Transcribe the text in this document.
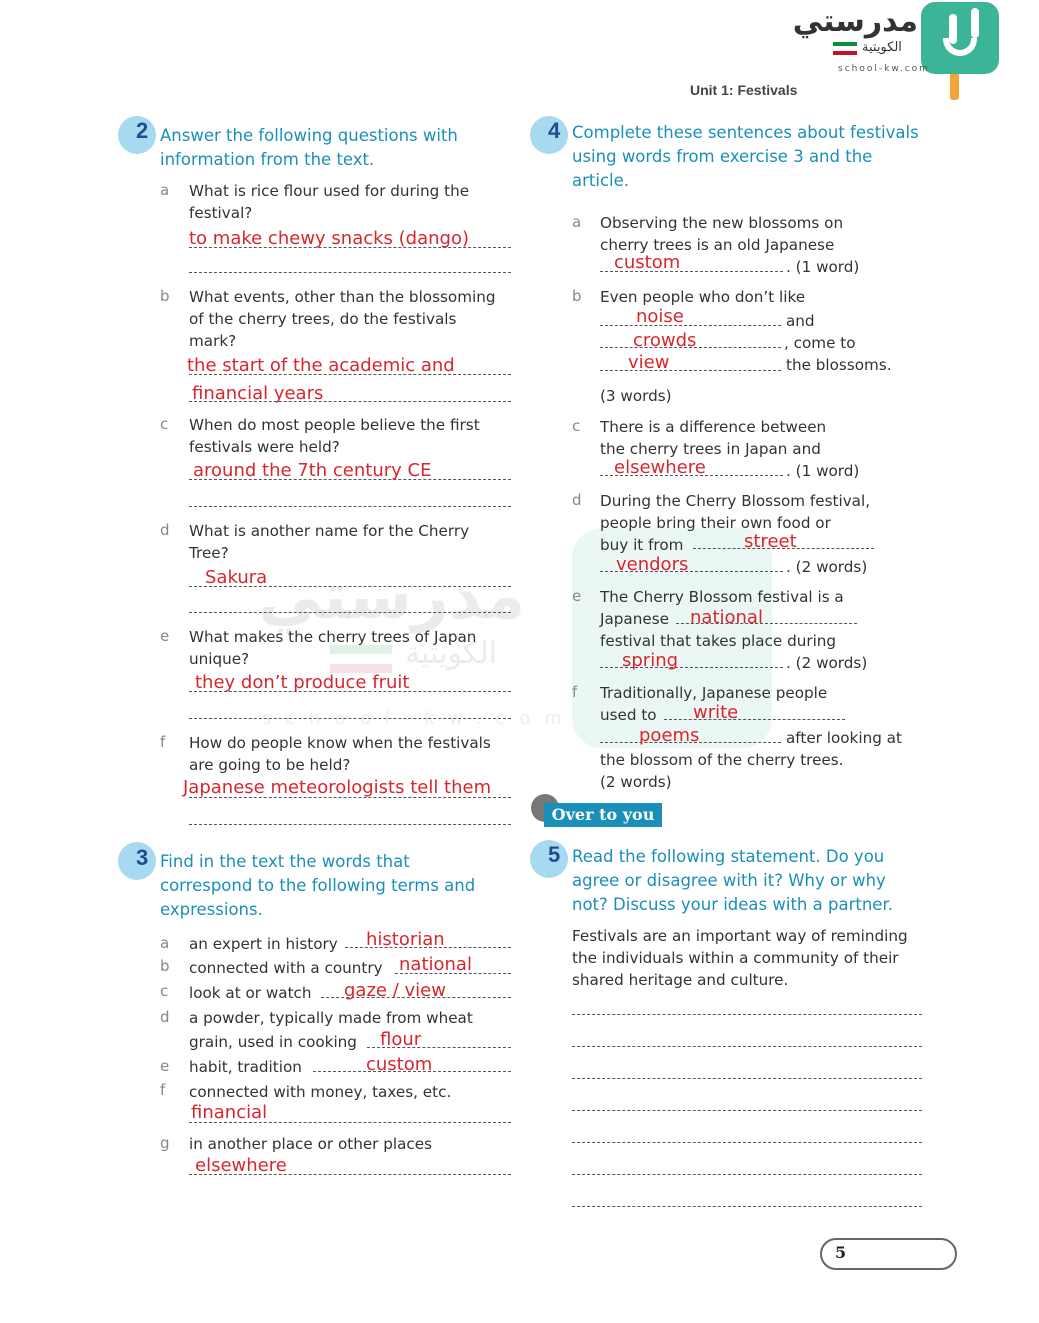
مدرستي
الكويتية
school-kw.com
مدرستي
الكويتية
school-kw.com
Unit 1: Festivals
2 Answer the following questions with
information from the text.
a What is rice flour used for during the
festival?
to make chewy snacks (dango)
b What events, other than the blossoming
of the cherry trees, do the festivals
mark?
the start of the academic and
financial years
c When do most people believe the first
festivals were held?
around the 7th century CE
d What is another name for the Cherry
Tree?
Sakura
e What makes the cherry trees of Japan
unique?
they don’t produce fruit
f How do people know when the festivals
are going to be held?
Japanese meteorologists tell them
3 Find in the text the words that
correspond to the following terms and
expressions.
a an expert in history historian
b connected with a country national
c look at or watch gaze / view
d a powder, typically made from wheat
grain, used in cooking flour
e habit, tradition	custom
f connected with money, taxes, etc.
financial
g in another place or other places
elsewhere
4 Complete these sentences about festivals
using words from exercise 3 and the
article.
a Observing the new blossoms on
cherry trees is an old Japanese
custom	. (1 word)
b Even people who don’t like
noise	and
crowds	, come to
view	the blossoms.
(3 words)
c There is a difference between
the cherry trees in Japan and
elsewhere	. (1 word)
d During the Cherry Blossom festival,
people bring their own food or
buy it from	street
vendors	. (2 words)
e The Cherry Blossom festival is a
Japanese national
festival that takes place during
spring	. (2 words)
f Traditionally, Japanese people
used to write
poems	after looking at
the blossom of the cherry trees.
(2 words)
Over to you
5 Read the following statement. Do you
agree or disagree with it? Why or why
not? Discuss your ideas with a partner.
Festivals are an important way of reminding
the individuals within a community of their
shared heritage and culture.
5
